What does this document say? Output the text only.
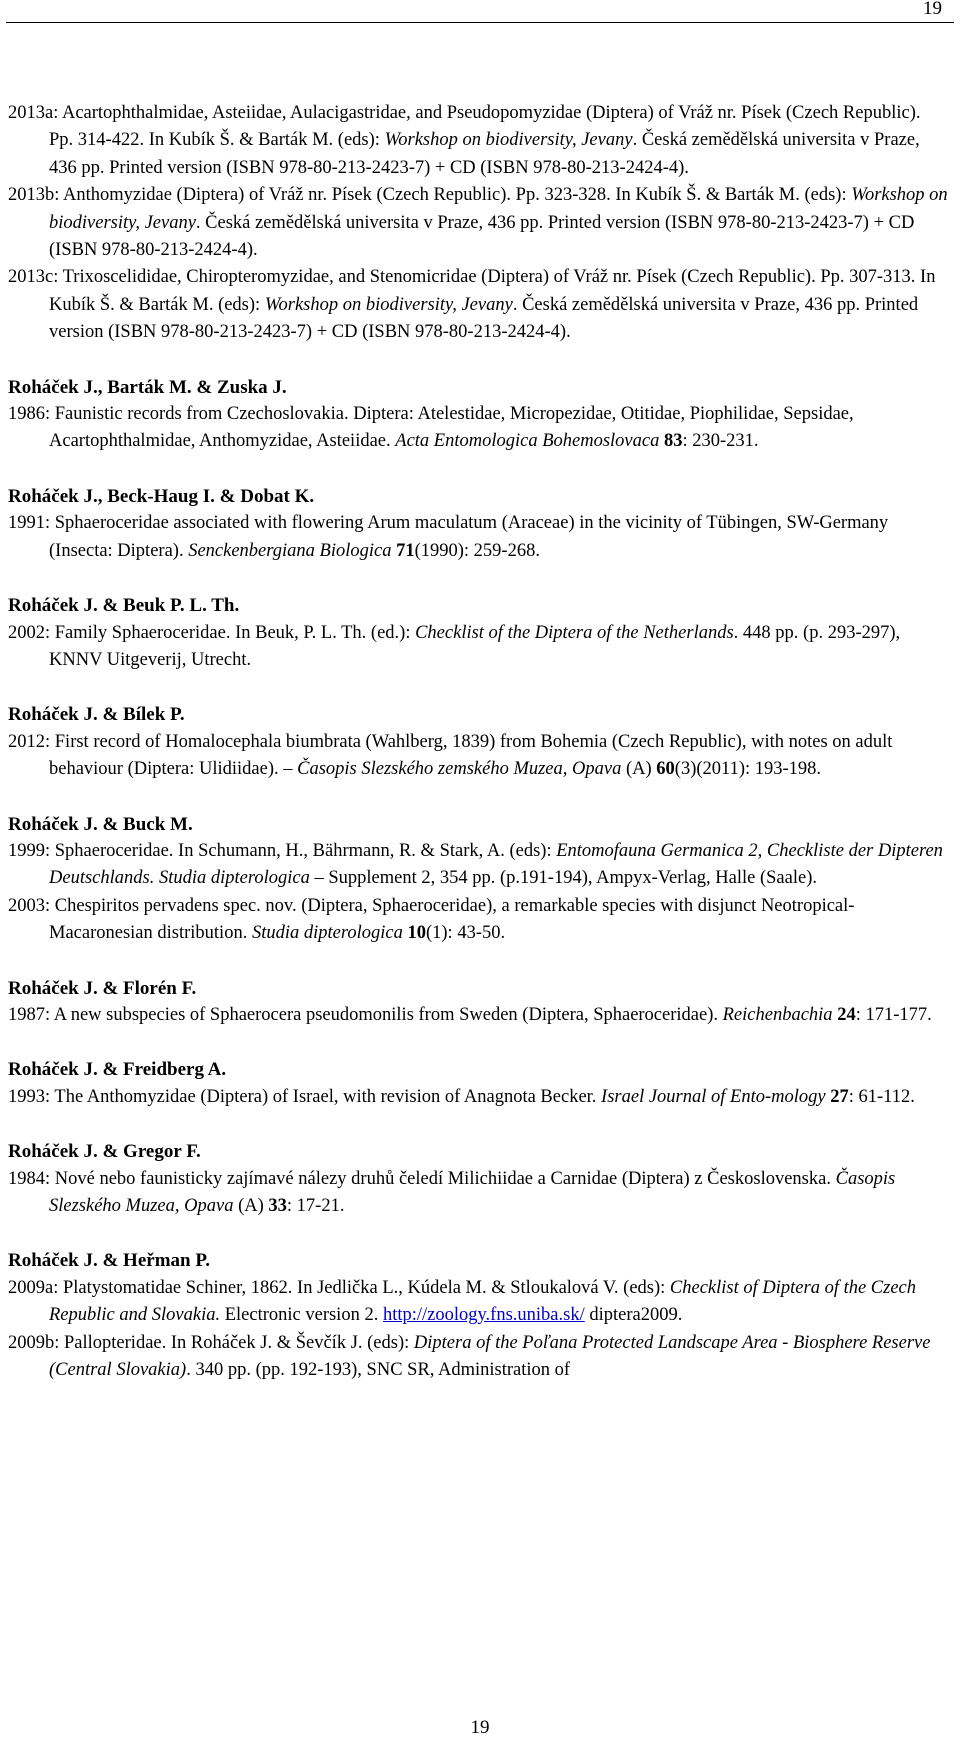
19
2013a: Acartophthalmidae, Asteiidae, Aulacigastridae, and Pseudopomyzidae (Diptera) of Vráž nr. Písek (Czech Republic). Pp. 314-422. In Kubík Š. & Barták M. (eds): Workshop on biodiversity, Jevany. Česká zemědělská universita v Praze, 436 pp. Printed version (ISBN 978-80-213-2423-7) + CD (ISBN 978-80-213-2424-4).
2013b: Anthomyzidae (Diptera) of Vráž nr. Písek (Czech Republic). Pp. 323-328. In Kubík Š. & Barták M. (eds): Workshop on biodiversity, Jevany. Česká zemědělská universita v Praze, 436 pp. Printed version (ISBN 978-80-213-2423-7) + CD (ISBN 978-80-213-2424-4).
2013c: Trixoscelididae, Chiropteromyzidae, and Stenomicridae (Diptera) of Vráž nr. Písek (Czech Republic). Pp. 307-313. In Kubík Š. & Barták M. (eds): Workshop on biodiversity, Jevany. Česká zemědělská universita v Praze, 436 pp. Printed version (ISBN 978-80-213-2423-7) + CD (ISBN 978-80-213-2424-4).
Roháček J., Barták M. & Zuska J.
1986: Faunistic records from Czechoslovakia. Diptera: Atelestidae, Micropezidae, Otitidae, Piophilidae, Sepsidae, Acartophthalmidae, Anthomyzidae, Asteiidae. Acta Entomologica Bohemoslovaca 83: 230-231.
Roháček J., Beck-Haug I. & Dobat K.
1991: Sphaeroceridae associated with flowering Arum maculatum (Araceae) in the vicinity of Tübingen, SW-Germany (Insecta: Diptera). Senckenbergiana Biologica 71(1990): 259-268.
Roháček J. & Beuk P. L. Th.
2002: Family Sphaeroceridae. In Beuk, P. L. Th. (ed.): Checklist of the Diptera of the Netherlands. 448 pp. (p. 293-297), KNNV Uitgeverij, Utrecht.
Roháček J. & Bílek P.
2012: First record of Homalocephala biumbrata (Wahlberg, 1839) from Bohemia (Czech Republic), with notes on adult behaviour (Diptera: Ulidiidae). – Časopis Slezského zemského Muzea, Opava (A) 60(3)(2011): 193-198.
Roháček J. & Buck M.
1999: Sphaeroceridae. In Schumann, H., Bährmann, R. & Stark, A. (eds): Entomofauna Germanica 2, Checkliste der Dipteren Deutschlands. Studia dipterologica – Supplement 2, 354 pp. (p.191-194), Ampyx-Verlag, Halle (Saale).
2003: Chespiritos pervadens spec. nov. (Diptera, Sphaeroceridae), a remarkable species with disjunct Neotropical-Macaronesian distribution. Studia dipterologica 10(1): 43-50.
Roháček J. & Florén F.
1987: A new subspecies of Sphaerocera pseudomonilis from Sweden (Diptera, Sphaeroceridae). Reichenbachia 24: 171-177.
Roháček J. & Freidberg A.
1993: The Anthomyzidae (Diptera) of Israel, with revision of Anagnota Becker. Israel Journal of Ento-mology 27: 61-112.
Roháček J. & Gregor F.
1984: Nové nebo faunisticky zajímavé nálezy druhů čeledí Milichiidae a Carnidae (Diptera) z Československa. Časopis Slezského Muzea, Opava (A) 33: 17-21.
Roháček J. & Heřman P.
2009a: Platystomatidae Schiner, 1862. In Jedlička L., Kúdela M. & Stloukalová V. (eds): Checklist of Diptera of the Czech Republic and Slovakia. Electronic version 2. http://zoology.fns.uniba.sk/ diptera2009.
2009b: Pallopteridae. In Roháček J. & Ševčík J. (eds): Diptera of the Poľana Protected Landscape Area - Biosphere Reserve (Central Slovakia). 340 pp. (pp. 192-193), SNC SR, Administration of
19
